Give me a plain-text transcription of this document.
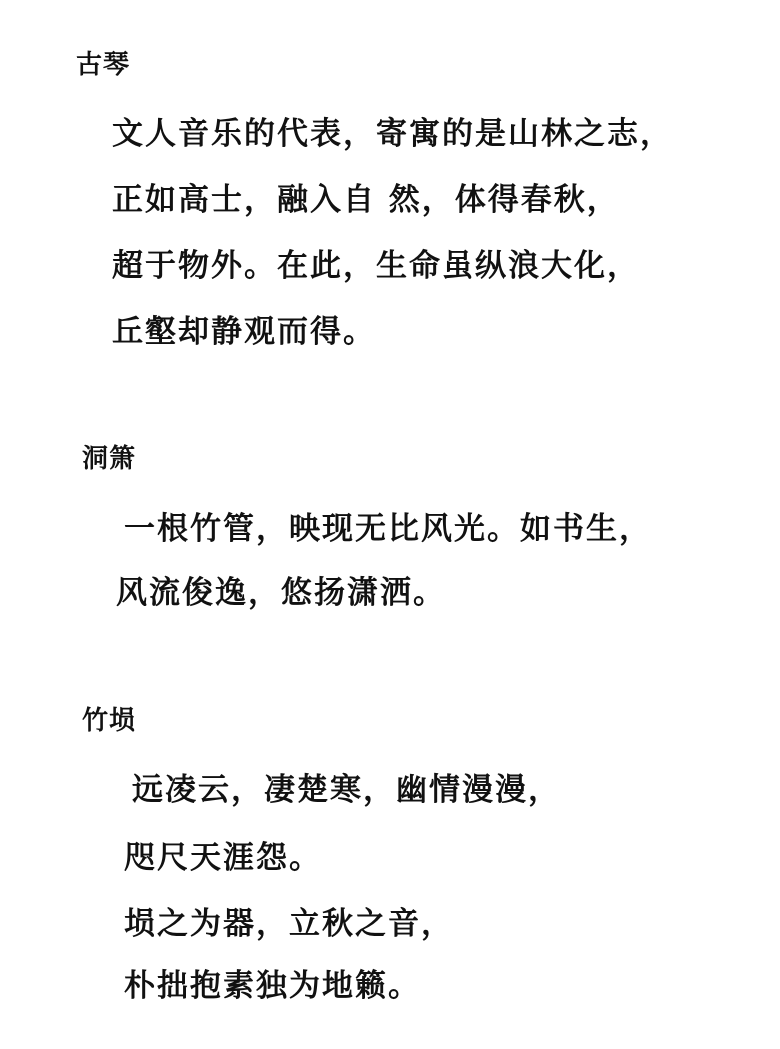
古琴
文人音乐的代表，寄寓的是山林之志，
正如高士，融入自 然，体得春秋，
超于物外。在此，生命虽纵浪大化，
丘壑却静观而得。
洞箫
一根竹管，映现无比风光。如书生，
风流俊逸，悠扬潇洒。
竹埙
远凌云，凄楚寒，幽情漫漫，
咫尺天涯怨。
埙之为器，立秋之音，
朴拙抱素独为地籁。
